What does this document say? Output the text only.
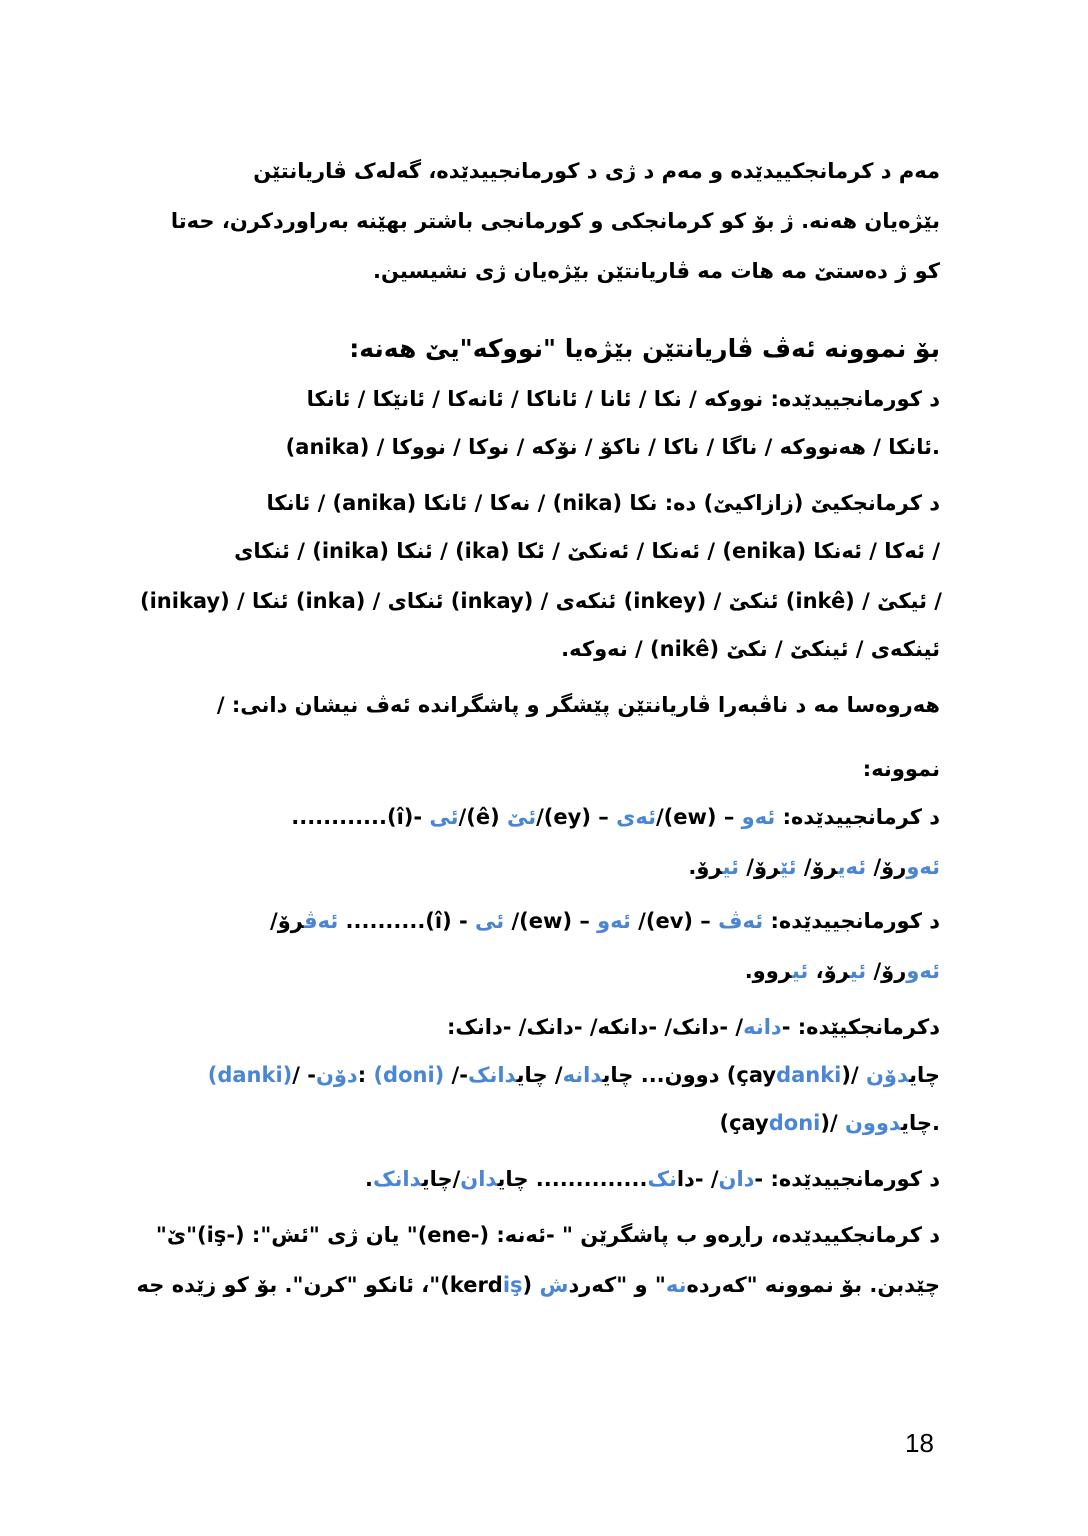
مەم د کرمانجکییدێدە و مەم د ژی د کورمانجییدێدە، گەلەک ڤاریانتێن
بێژەیان هەنە. ژ بۆ کو کرمانجکی و کورمانجی باشتر بهێنە بەراوردکرن، حەتا
کو ژ دەستێ مە هات مە ڤاریانتێن بێژەیان ژی نشیسین.
بۆ نموونە ئەڤ ڤاریانتێن بێژەیا "نووکە"یێ هەنە:
د کورمانجییدێدە: نووکە / نکا / ئانا / ئاناکا / ئانەکا / ئانێکا / ئانکا
(anika) / ئانکا / هەنووکە / ناگا / ناکا / ناکۆ / نۆکە / نوکا / نووکا.
د کرمانجکیێ (زازاکیێ) دە: نکا (nika) / نەکا / ئانکا (anika) / ئانکا
/ ئەکا / ئەنکا (enika) / ئەنکا / ئەنکێ / ئکا (ika) / ئنکا (inika) / ئنکای
(inikay) / ئنکا (inka) / ئنکای (inkay) / ئنکەی (inkey) / ئنکێ (inkê) / ئیکێ /
ئینکەی / ئینکێ / نکێ (nikê) / نەوکە.
هەروەسا مە د ناڤبەرا ڤاریانتێن پێشگر و پاشگراندە ئەڤ نیشان دانی: /
نموونە:
د کرمانجییدێدە: ئەو – (ew)/ئەی – (ey)/ئێ (ê)/ئی -(î)............
ئەورۆ/ ئەیرۆ/ ئێرۆ/ ئیرۆ.
د کورمانجییدێدە: ئەڤ – (ev)/ ئەو – (ew)/ ئی - (î).......... ئەڤرۆ/
ئەورۆ/ ئیرۆ، ئیروو.
دکرمانجکیێدە: -دانە/ -دانک/ -دانکە/ -دانک/ -دانک:
(danki)/ -دۆن: (doni) /-دوون... چایدانە/ چایدانک	(çaydanki)/ چایدۆن
(çaydoni)/ چایدوون .
د کورمانجییدێدە: -دان/ -دانک.............. چایدان/چایدانک.
د کرمانجکییدێدە، راڕەو ب پاشگرێن " -ئەنە: (-ene)" یان ژی "ئش": (-iş)"ێ"
چێدبن. بۆ نموونە "کەردەنە" و "کەردش (kerdiş)"، ئانکو "کرن". بۆ کو زێدە جە
18
